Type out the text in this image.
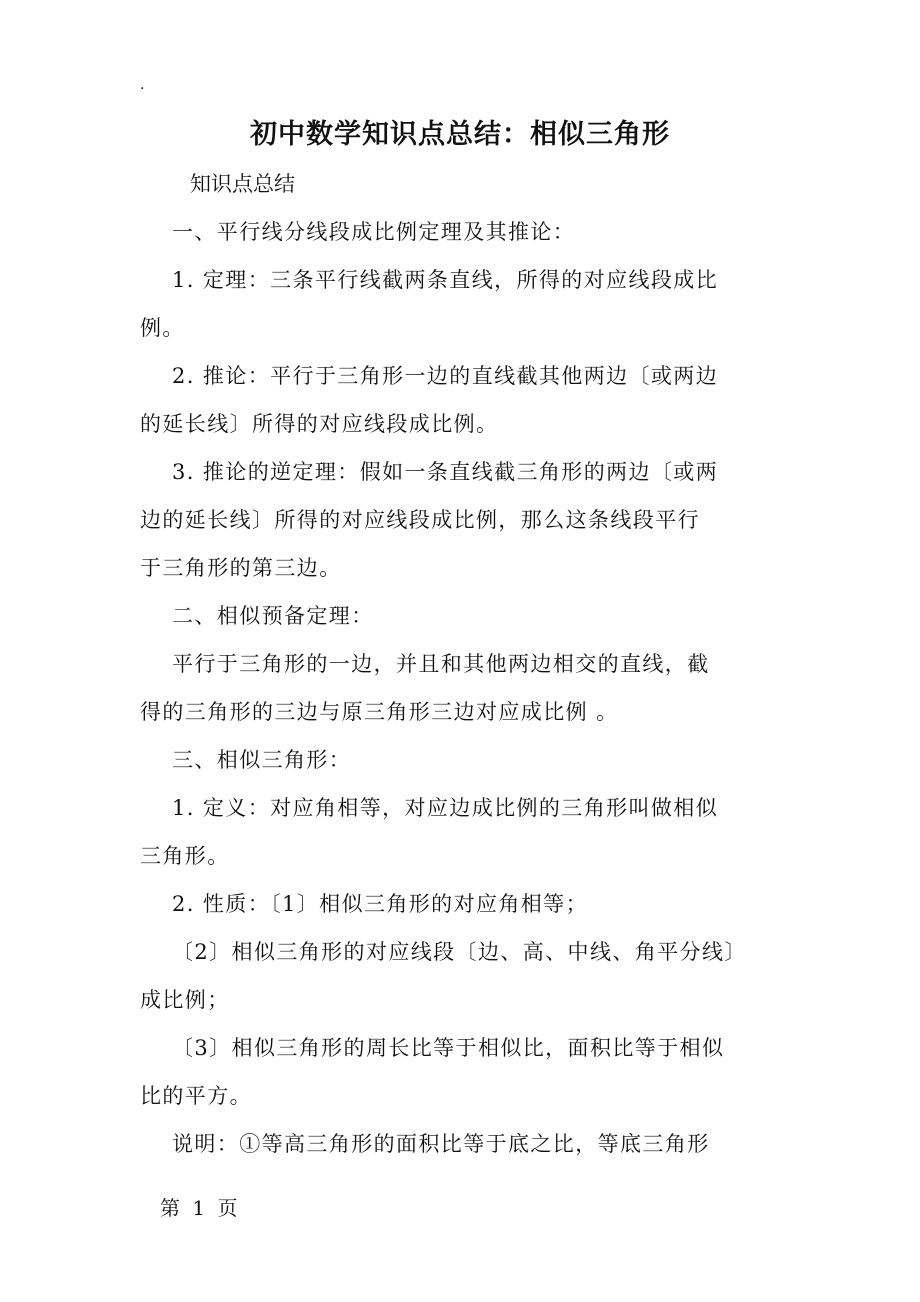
.
初中数学知识点总结：相似三角形
知识点总结
一、平行线分线段成比例定理及其推论：
1. 定理：三条平行线截两条直线，所得的对应线段成比
例。
2. 推论：平行于三角形一边的直线截其他两边〔或两边
的延长线〕所得的对应线段成比例。
3. 推论的逆定理：假如一条直线截三角形的两边〔或两
边的延长线〕所得的对应线段成比例，那么这条线段平行
于三角形的第三边。
二、相似预备定理：
平行于三角形的一边，并且和其他两边相交的直线，截
得的三角形的三边与原三角形三边对应成比例 。
三、相似三角形：
1. 定义：对应角相等，对应边成比例的三角形叫做相似
三角形。
2. 性质：〔1〕相似三角形的对应角相等；
〔2〕相似三角形的对应线段〔边、高、中线、角平分线〕
成比例；
〔3〕相似三角形的周长比等于相似比，面积比等于相似
比的平方。
说明：①等高三角形的面积比等于底之比，等底三角形
第 1 页
